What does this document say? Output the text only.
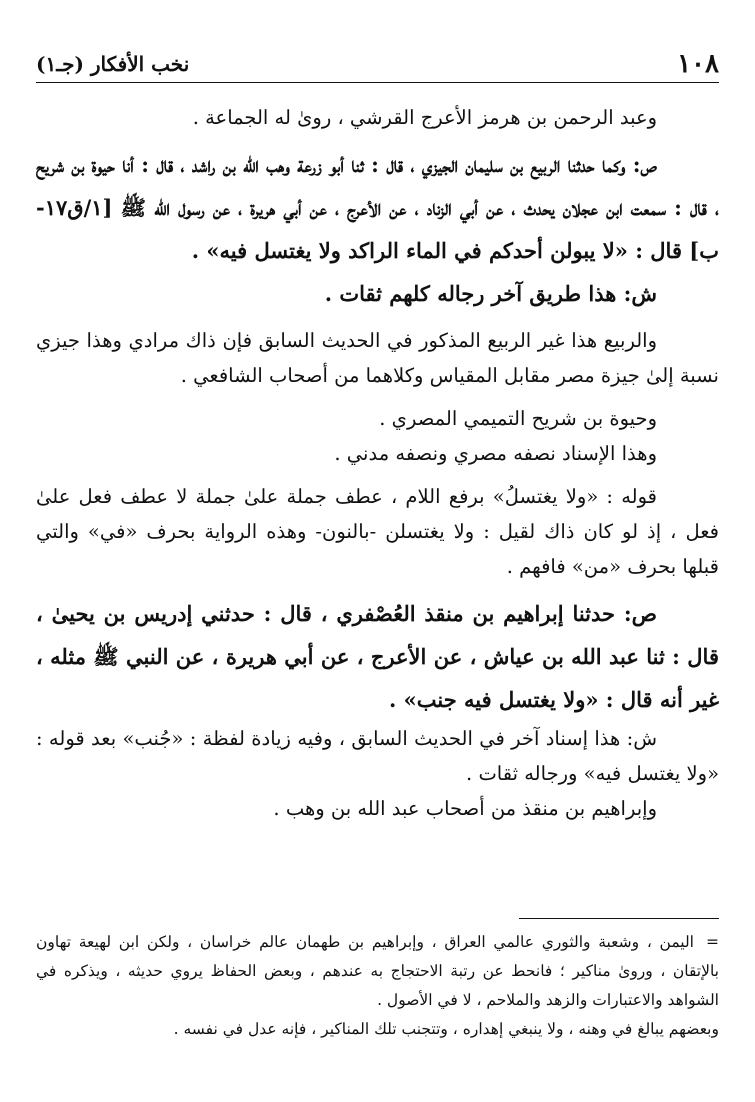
١٠٨
نخب الأفكار (جـ١)

وعبد الرحمن بن هرمز الأعرج القرشي ، روىٰ له الجماعة .

ص: وكما حدثنا الربيع بن سليمان الجيزي ، قال : ثنا أبو زرعة وهب الله بن راشد ، قال : أنا حيوة بن شريح ، قال : سمعت ابن عجلان يحدث ، عن أبي الزناد ، عن الأعرج ، عن أبي هريرة ، عن رسول الله ﷺ [١/ق١٧-ب] قال : «لا يبولن أحدكم في الماء الراكد ولا يغتسل فيه» .

ش: هذا طريق آخر رجاله كلهم ثقات .

والربيع هذا غير الربيع المذكور في الحديث السابق فإن ذاك مرادي وهذا جيزي نسبة إلىٰ جيزة مصر مقابل المقياس وكلاهما من أصحاب الشافعي .

وحيوة بن شريح التميمي المصري .

وهذا الإسناد نصفه مصري ونصفه مدني .

قوله : «ولا يغتسلُ» برفع اللام ، عطف جملة علىٰ جملة لا عطف فعل علىٰ فعل ، إذ لو كان ذاك لقيل : ولا يغتسلن -بالنون- وهذه الرواية بحرف «في» والتي قبلها بحرف «من» فافهم .

ص: حدثنا إبراهيم بن منقذ العُصْفري ، قال : حدثني إدريس بن يحيىٰ ، قال : ثنا عبد الله بن عياش ، عن الأعرج ، عن أبي هريرة ، عن النبي ﷺ مثله ، غير أنه قال : «ولا يغتسل فيه جنب» .

ش: هذا إسناد آخر في الحديث السابق ، وفيه زيادة لفظة : «جُنب» بعد قوله : «ولا يغتسل فيه» ورجاله ثقات .

وإبراهيم بن منقذ من أصحاب عبد الله بن وهب .

=اليمن ، وشعبة والثوري عالمي العراق ، وإبراهيم بن طهمان عالم خراسان ، ولكن ابن لهيعة تهاون بالإتقان ، وروىٰ مناكير ؛ فانحط عن رتبة الاحتجاج به عندهم ، وبعض الحفاظ يروي حديثه ، ويذكره في الشواهد والاعتبارات والزهد والملاحم ، لا في الأصول .

وبعضهم يبالغ في وهنه ، ولا ينبغي إهداره ، وتتجنب تلك المناكير ، فإنه عدل في نفسه .
